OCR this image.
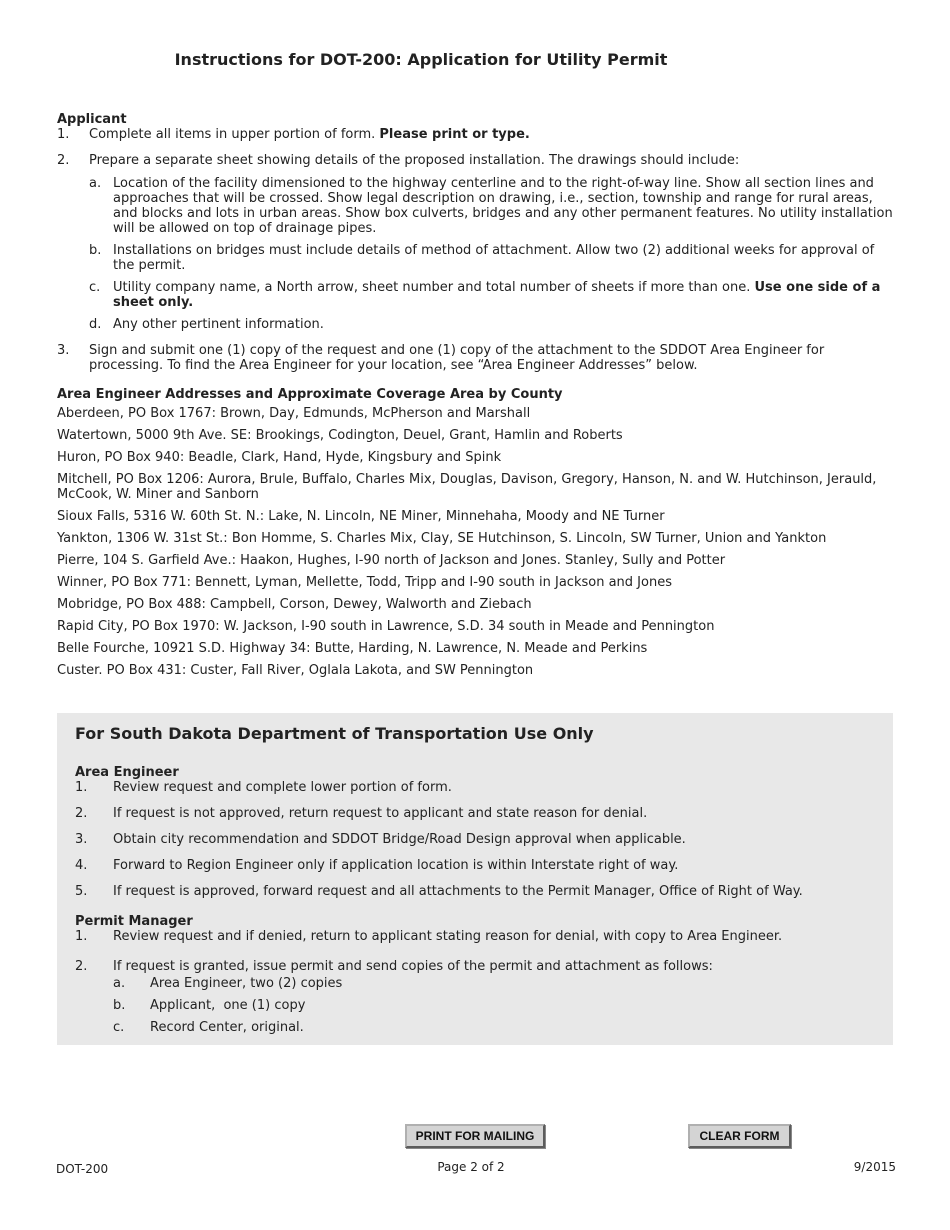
Instructions for DOT-200: Application for Utility Permit
Applicant
1. Complete all items in upper portion of form. Please print or type.
2. Prepare a separate sheet showing details of the proposed installation. The drawings should include:
a. Location of the facility dimensioned to the highway centerline and to the right-of-way line. Show all section lines and approaches that will be crossed. Show legal description on drawing, i.e., section, township and range for rural areas, and blocks and lots in urban areas. Show box culverts, bridges and any other permanent features. No utility installation will be allowed on top of drainage pipes.
b. Installations on bridges must include details of method of attachment. Allow two (2) additional weeks for approval of the permit.
c. Utility company name, a North arrow, sheet number and total number of sheets if more than one. Use one side of a sheet only.
d. Any other pertinent information.
3. Sign and submit one (1) copy of the request and one (1) copy of the attachment to the SDDOT Area Engineer for processing. To find the Area Engineer for your location, see “Area Engineer Addresses” below.
Area Engineer Addresses and Approximate Coverage Area by County
Aberdeen, PO Box 1767: Brown, Day, Edmunds, McPherson and Marshall
Watertown, 5000 9th Ave. SE: Brookings, Codington, Deuel, Grant, Hamlin and Roberts
Huron, PO Box 940: Beadle, Clark, Hand, Hyde, Kingsbury and Spink
Mitchell, PO Box 1206: Aurora, Brule, Buffalo, Charles Mix, Douglas, Davison, Gregory, Hanson, N. and W. Hutchinson, Jerauld, McCook, W. Miner and Sanborn
Sioux Falls, 5316 W. 60th St. N.: Lake, N. Lincoln, NE Miner, Minnehaha, Moody and NE Turner
Yankton, 1306 W. 31st St.: Bon Homme, S. Charles Mix, Clay, SE Hutchinson, S. Lincoln, SW Turner, Union and Yankton
Pierre, 104 S. Garfield Ave.: Haakon, Hughes, I-90 north of Jackson and Jones. Stanley, Sully and Potter
Winner, PO Box 771: Bennett, Lyman, Mellette, Todd, Tripp and I-90 south in Jackson and Jones
Mobridge, PO Box 488: Campbell, Corson, Dewey, Walworth and Ziebach
Rapid City, PO Box 1970: W. Jackson, I-90 south in Lawrence, S.D. 34 south in Meade and Pennington
Belle Fourche, 10921 S.D. Highway 34: Butte, Harding, N. Lawrence, N. Meade and Perkins
Custer. PO Box 431: Custer, Fall River, Oglala Lakota, and SW Pennington
For South Dakota Department of Transportation Use Only
Area Engineer
1. Review request and complete lower portion of form.
2. If request is not approved, return request to applicant and state reason for denial.
3. Obtain city recommendation and SDDOT Bridge/Road Design approval when applicable.
4. Forward to Region Engineer only if application location is within Interstate right of way.
5. If request is approved, forward request and all attachments to the Permit Manager, Office of Right of Way.
Permit Manager
1. Review request and if denied, return to applicant stating reason for denial, with copy to Area Engineer.
2. If request is granted, issue permit and send copies of the permit and attachment as follows:
a. Area Engineer, two (2) copies
b. Applicant,  one (1) copy
c. Record Center, original.
PRINT FOR MAILING	CLEAR FORM
DOT-200	Page 2 of 2	9/2015
